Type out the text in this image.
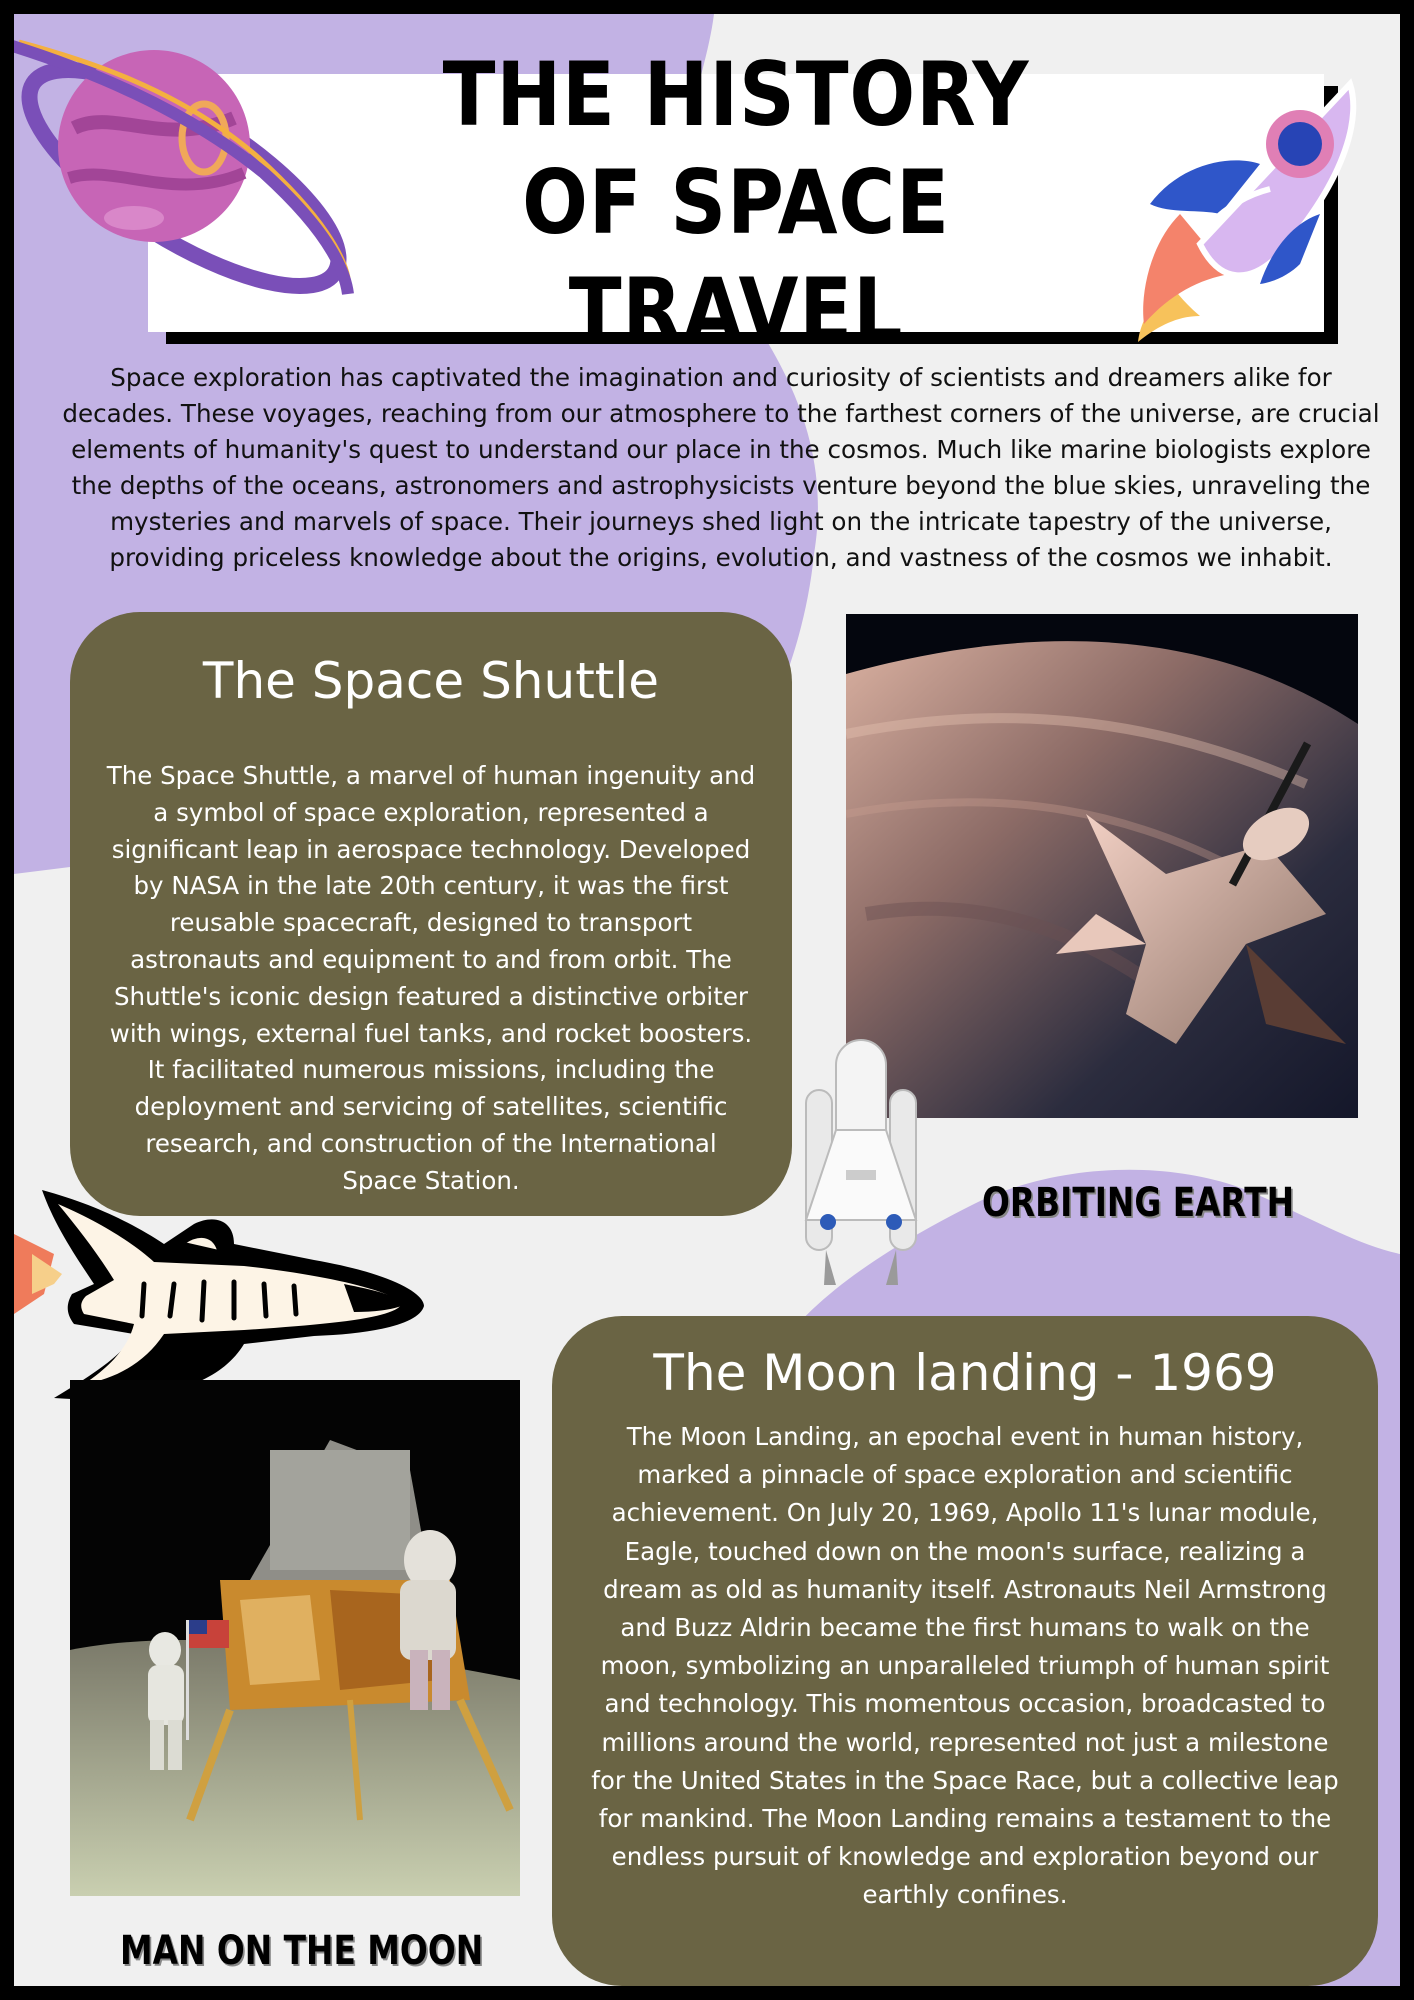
THE HISTORY OF SPACE TRAVEL
Space exploration has captivated the imagination and curiosity of scientists and dreamers alike for decades. These voyages, reaching from our atmosphere to the farthest corners of the universe, are crucial elements of humanity's quest to understand our place in the cosmos. Much like marine biologists explore the depths of the oceans, astronomers and astrophysicists venture beyond the blue skies, unraveling the mysteries and marvels of space. Their journeys shed light on the intricate tapestry of the universe, providing priceless knowledge about the origins, evolution, and vastness of the cosmos we inhabit.
The Space Shuttle

The Space Shuttle, a marvel of human ingenuity and a symbol of space exploration, represented a significant leap in aerospace technology. Developed by NASA in the late 20th century, it was the first reusable spacecraft, designed to transport astronauts and equipment to and from orbit. The Shuttle's iconic design featured a distinctive orbiter with wings, external fuel tanks, and rocket boosters. It facilitated numerous missions, including the deployment and servicing of satellites, scientific research, and construction of the International Space Station.	ORBITING EARTH
MAN ON THE MOON
The Moon landing - 1969

The Moon Landing, an epochal event in human history, marked a pinnacle of space exploration and scientific achievement. On July 20, 1969, Apollo 11's lunar module, Eagle, touched down on the moon's surface, realizing a dream as old as humanity itself. Astronauts Neil Armstrong and Buzz Aldrin became the first humans to walk on the moon, symbolizing an unparalleled triumph of human spirit and technology. This momentous occasion, broadcasted to millions around the world, represented not just a milestone for the United States in the Space Race, but a collective leap for mankind. The Moon Landing remains a testament to the endless pursuit of knowledge and exploration beyond our earthly confines.
